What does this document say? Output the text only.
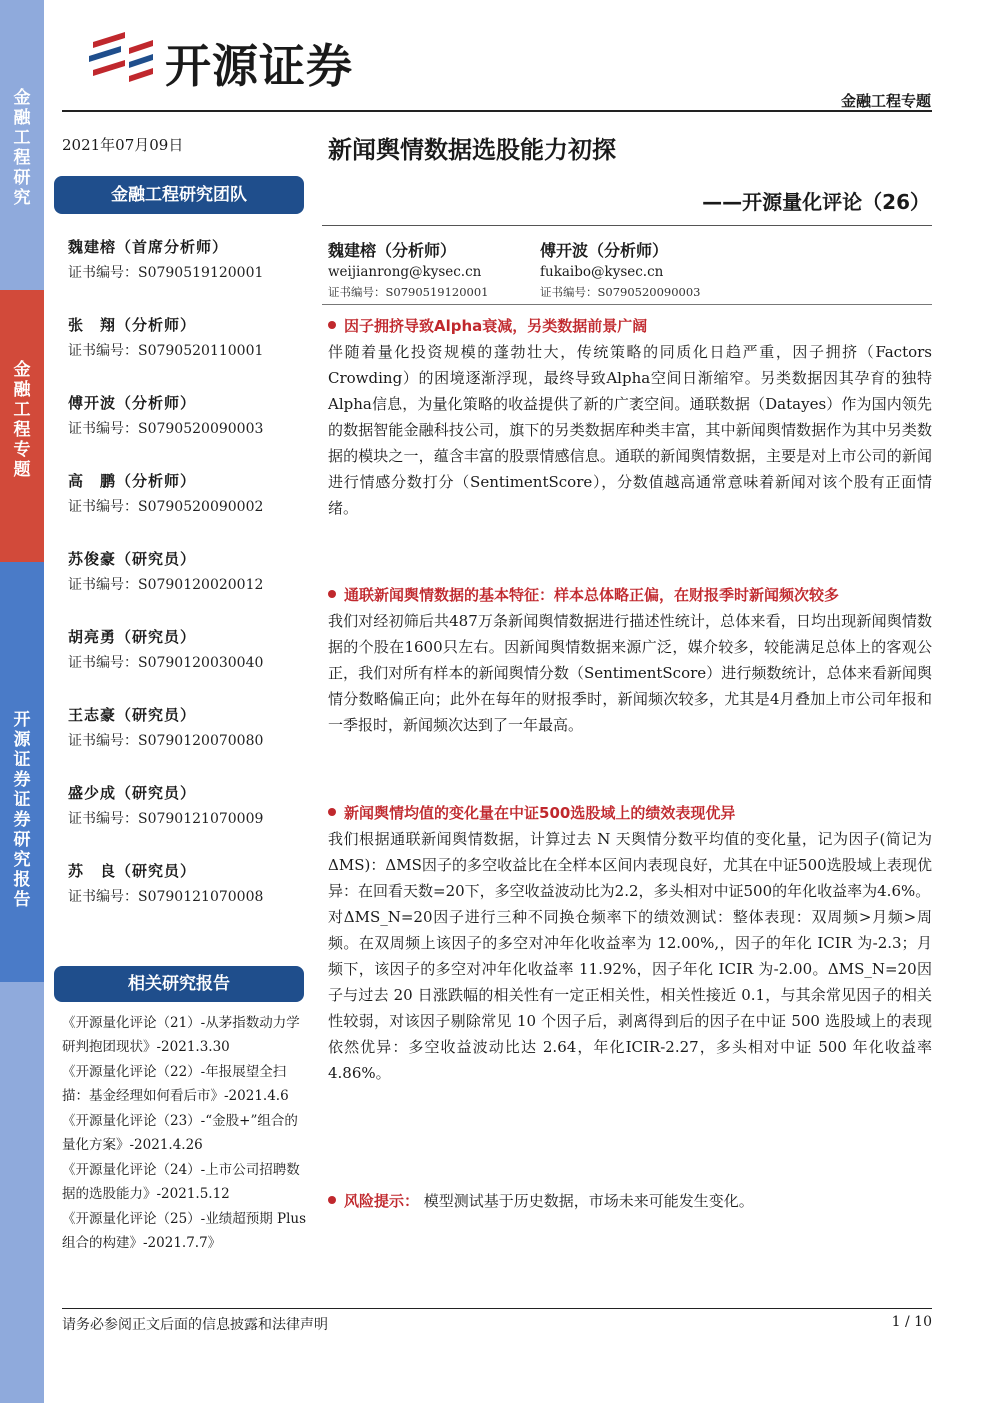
金融工程研究
金融工程专题
开源证券 证券研究报告
开源证券
金融工程专题
2021年07月09日
金融工程研究团队
魏建榕（首席分析师）
证书编号：S0790519120001
张　翔（分析师）
证书编号：S0790520110001
傅开波（分析师）
证书编号：S0790520090003
高　鹏（分析师）
证书编号：S0790520090002
苏俊豪（研究员）
证书编号：S0790120020012
胡亮勇（研究员）
证书编号：S0790120030040
王志豪（研究员）
证书编号：S0790120070080
盛少成（研究员）
证书编号：S0790121070009
苏　良（研究员）
证书编号：S0790121070008
相关研究报告
《开源量化评论（21）-从茅指数动力学研判抱团现状》-2021.3.30
《开源量化评论（22）-年报展望全扫描：基金经理如何看后市》-2021.4.6
《开源量化评论（23）-“金股+”组合的量化方案》-2021.4.26
《开源量化评论（24）-上市公司招聘数据的选股能力》-2021.5.12
《开源量化评论（25）-业绩超预期 Plus 组合的构建》-2021.7.7》
新闻舆情数据选股能力初探
——开源量化评论（26）
魏建榕（分析师）
weijianrong@kysec.cn
证书编号：S0790519120001
傅开波（分析师）
fukaibo@kysec.cn
证书编号：S0790520090003
因子拥挤导致Alpha衰减，另类数据前景广阔

伴随着量化投资规模的蓬勃壮大，传统策略的同质化日趋严重，因子拥挤（Factors Crowding）的困境逐渐浮现，最终导致Alpha空间日渐缩窄。另类数据因其孕育的独特Alpha信息，为量化策略的收益提供了新的广袤空间。通联数据（Datayes）作为国内领先的数据智能金融科技公司，旗下的另类数据库种类丰富，其中新闻舆情数据作为其中另类数据的模块之一，蕴含丰富的股票情感信息。通联的新闻舆情数据，主要是对上市公司的新闻进行情感分数打分（SentimentScore），分数值越高通常意味着新闻对该个股有正面情绪。

通联新闻舆情数据的基本特征：样本总体略正偏，在财报季时新闻频次较多

我们对经初筛后共487万条新闻舆情数据进行描述性统计，总体来看，日均出现新闻舆情数据的个股在1600只左右。因新闻舆情数据来源广泛，媒介较多，较能满足总体上的客观公正，我们对所有样本的新闻舆情分数（SentimentScore）进行频数统计，总体来看新闻舆情分数略偏正向；此外在每年的财报季时，新闻频次较多，尤其是4月叠加上市公司年报和一季报时，新闻频次达到了一年最高。

新闻舆情均值的变化量在中证500选股域上的绩效表现优异

我们根据通联新闻舆情数据，计算过去 N 天舆情分数平均值的变化量，记为因子(简记为ΔMS)：ΔMS因子的多空收益比在全样本区间内表现良好，尤其在中证500选股域上表现优异：在回看天数=20下，多空收益波动比为2.2，多头相对中证500的年化收益率为4.6%。

对ΔMS_N=20因子进行三种不同换仓频率下的绩效测试：整体表现：双周频>月频>周频。在双周频上该因子的多空对冲年化收益率为 12.00%,，因子的年化 ICIR 为-2.3；月频下，该因子的多空对冲年化收益率 11.92%，因子年化 ICIR 为-2.00。ΔMS_N=20因子与过去 20 日涨跌幅的相关性有一定正相关性，相关性接近 0.1，与其余常见因子的相关性较弱，对该因子剔除常见 10 个因子后，剥离得到后的因子在中证 500 选股域上的表现依然优异：多空收益波动比达 2.64，年化ICIR-2.27，多头相对中证 500 年化收益率 4.86%。

风险提示： 模型测试基于历史数据，市场未来可能发生变化。
请务必参阅正文后面的信息披露和法律声明	1 / 10
